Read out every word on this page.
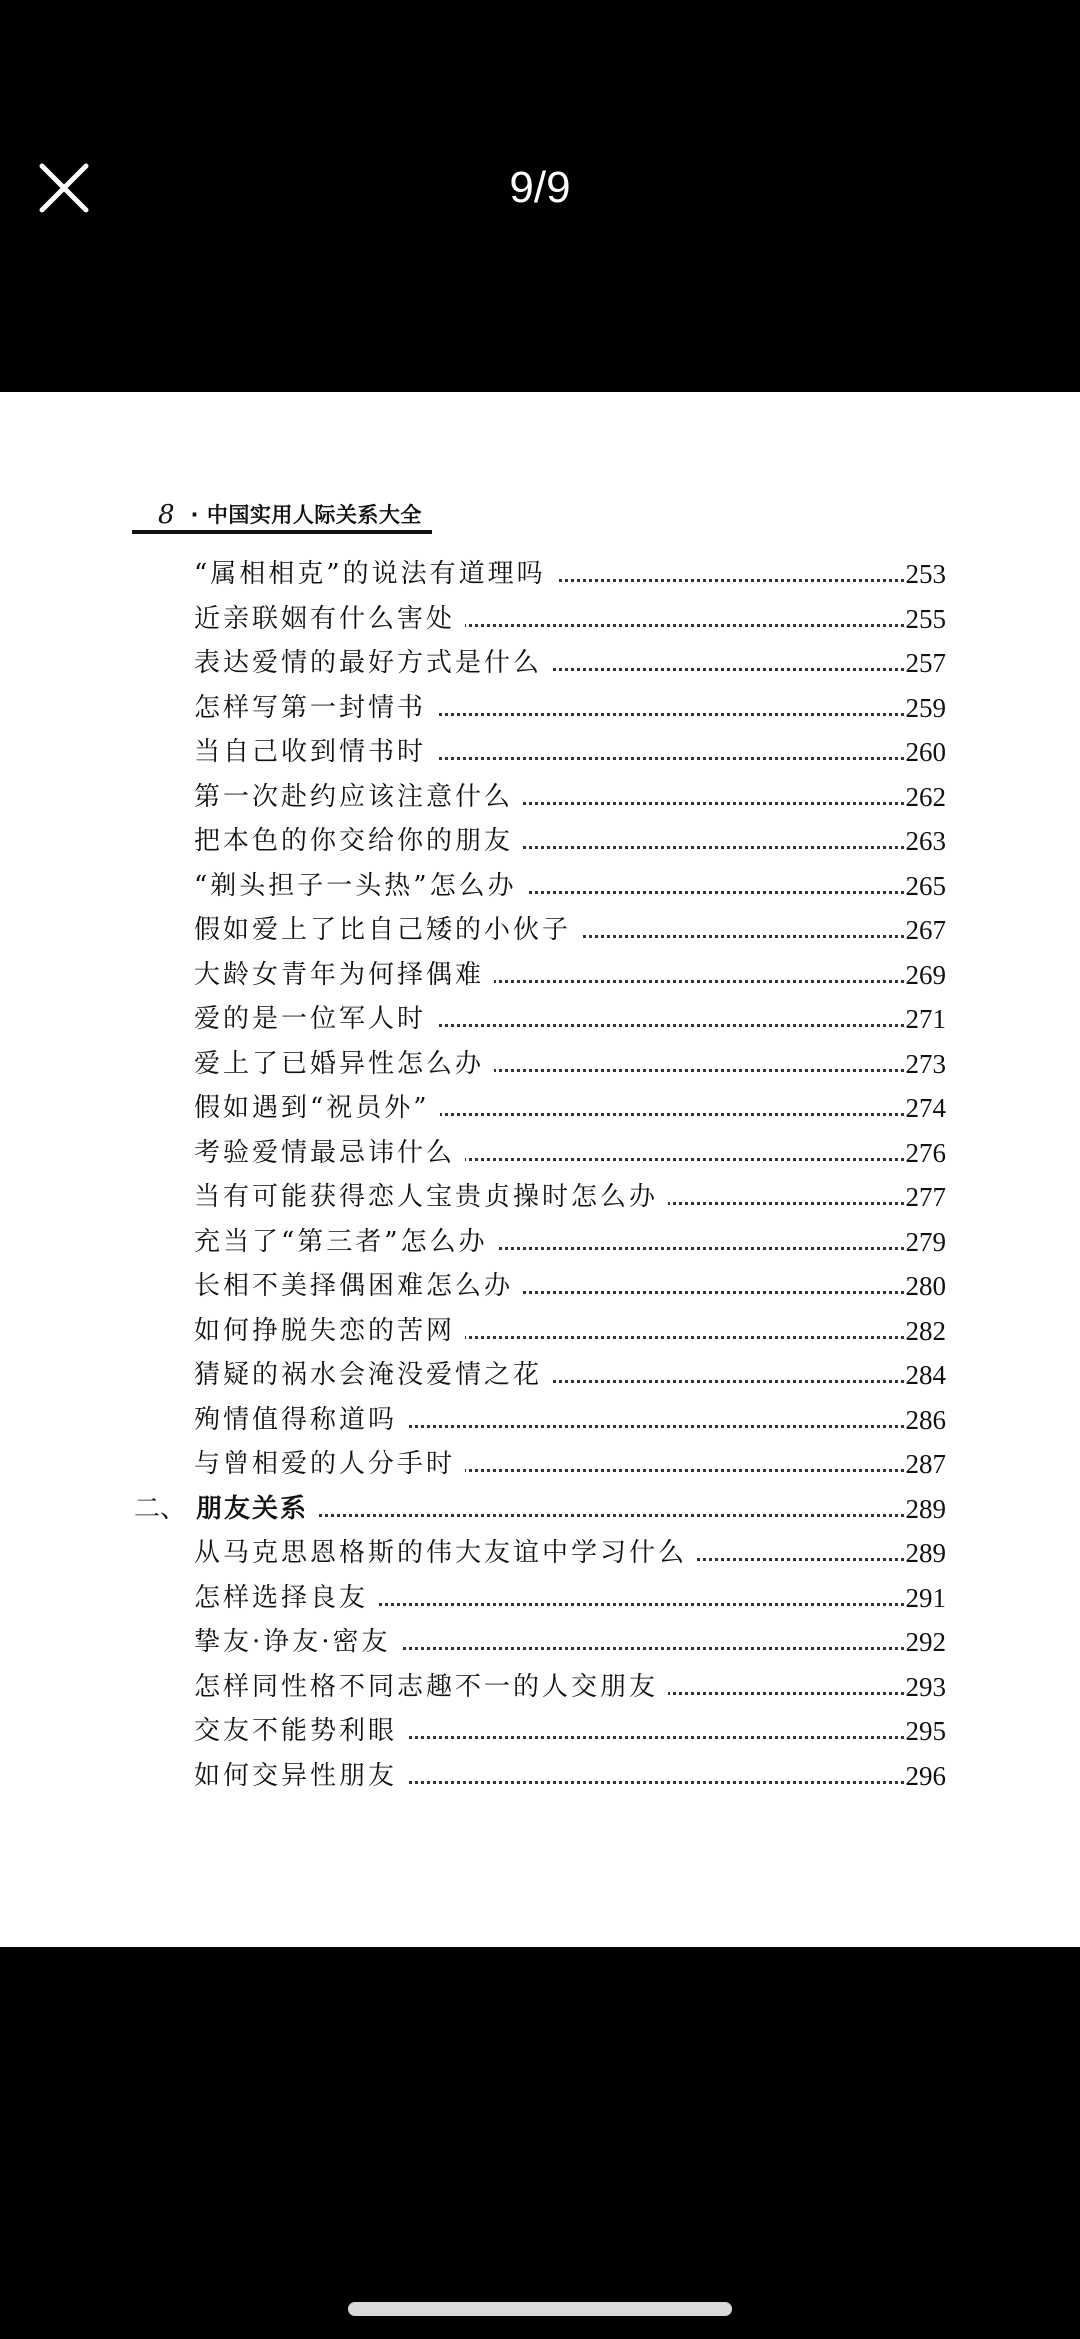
9/9
8 · 中国实用人际关系大全
“属相相克”的说法有道理吗	253
近亲联姻有什么害处	255
表达爱情的最好方式是什么	257
怎样写第一封情书	259
当自己收到情书时	260
第一次赴约应该注意什么	262
把本色的你交给你的朋友	263
“剃头担子一头热”怎么办	265
假如爱上了比自己矮的小伙子	267
大龄女青年为何择偶难	269
爱的是一位军人时	271
爱上了已婚异性怎么办	273
假如遇到“祝员外”	274
考验爱情最忌讳什么	276
当有可能获得恋人宝贵贞操时怎么办	277
充当了“第三者”怎么办	279
长相不美择偶困难怎么办	280
如何挣脱失恋的苦网	282
猜疑的祸水会淹没爱情之花	284
殉情值得称道吗	286
与曾相爱的人分手时	287
二、 朋友关系	289
从马克思恩格斯的伟大友谊中学习什么	289
怎样选择良友	291
挚友·诤友·密友	292
怎样同性格不同志趣不一的人交朋友	293
交友不能势利眼	295
如何交异性朋友	296
